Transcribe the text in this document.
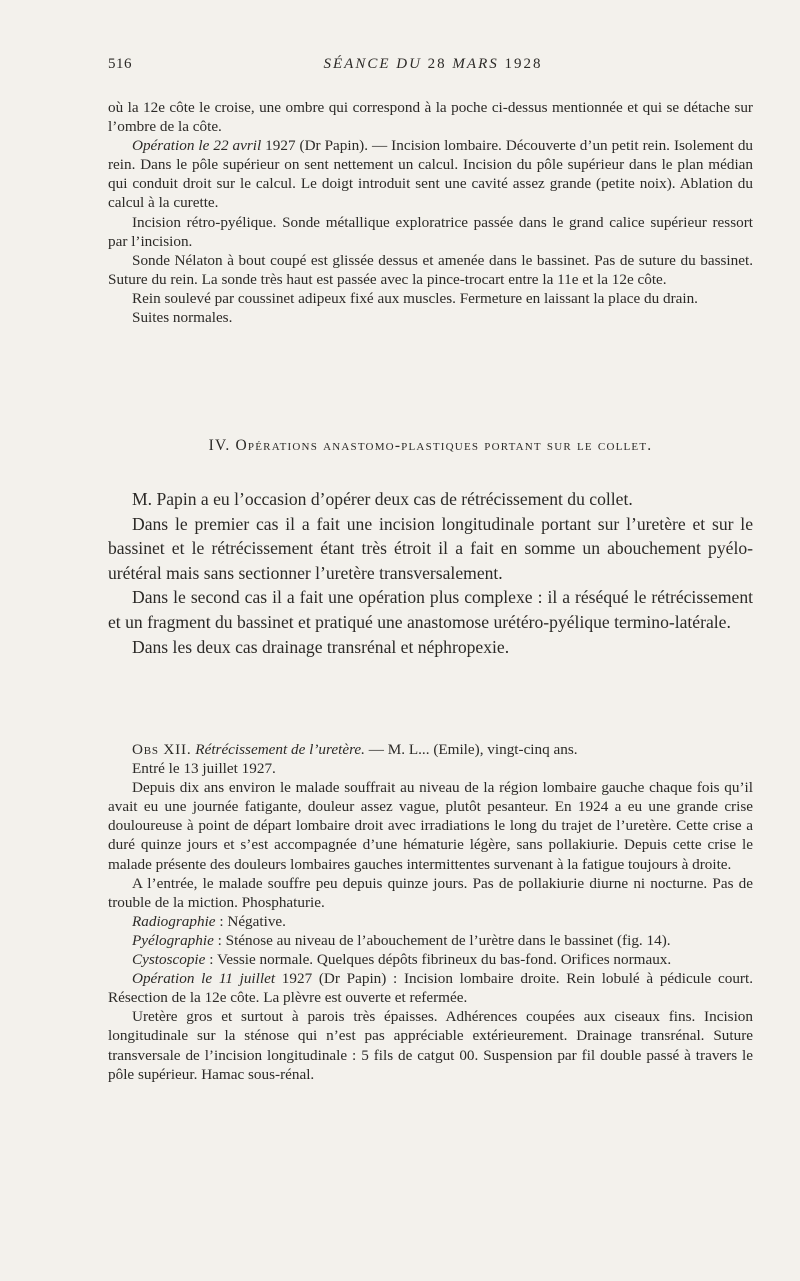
516	SÉANCE DU 28 MARS 1928

où la 12e côte le croise, une ombre qui correspond à la poche ci-dessus mentionnée et qui se détache sur l’ombre de la côte.

Opération le 22 avril 1927 (Dr Papin). — Incision lombaire. Découverte d’un petit rein. Isolement du rein. Dans le pôle supérieur on sent nettement un calcul. Incision du pôle supérieur dans le plan médian qui conduit droit sur le calcul. Le doigt introduit sent une cavité assez grande (petite noix). Ablation du calcul à la curette.

Incision rétro-pyélique. Sonde métallique exploratrice passée dans le grand calice supérieur ressort par l’incision.

Sonde Nélaton à bout coupé est glissée dessus et amenée dans le bassinet. Pas de suture du bassinet. Suture du rein. La sonde très haut est passée avec la pince-trocart entre la 11e et la 12e côte.

Rein soulevé par coussinet adipeux fixé aux muscles. Fermeture en laissant la place du drain.

Suites normales.

IV. Opérations anastomo-plastiques portant sur le collet.

M. Papin a eu l’occasion d’opérer deux cas de rétrécissement du collet.

Dans le premier cas il a fait une incision longitudinale portant sur l’uretère et sur le bassinet et le rétrécissement étant très étroit il a fait en somme un abouchement pyélo-urétéral mais sans sectionner l’uretère transversalement.

Dans le second cas il a fait une opération plus complexe : il a réséqué le rétrécissement et un fragment du bassinet et pratiqué une anastomose urétéro-pyélique termino-latérale.

Dans les deux cas drainage transrénal et néphropexie.

Obs XII. Rétrécissement de l’uretère. — M. L... (Emile), vingt-cinq ans.

Entré le 13 juillet 1927.

Depuis dix ans environ le malade souffrait au niveau de la région lombaire gauche chaque fois qu’il avait eu une journée fatigante, douleur assez vague, plutôt pesanteur. En 1924 a eu une grande crise douloureuse à point de départ lombaire droit avec irradiations le long du trajet de l’uretère. Cette crise a duré quinze jours et s’est accompagnée d’une hématurie légère, sans pollakiurie. Depuis cette crise le malade présente des douleurs lombaires gauches intermittentes survenant à la fatigue toujours à droite.

A l’entrée, le malade souffre peu depuis quinze jours. Pas de pollakiurie diurne ni nocturne. Pas de trouble de la miction. Phosphaturie.

Radiographie : Négative.

Pyélographie : Sténose au niveau de l’abouchement de l’urètre dans le bassinet (fig. 14).

Cystoscopie : Vessie normale. Quelques dépôts fibrineux du bas-fond. Orifices normaux.

Opération le 11 juillet 1927 (Dr Papin) : Incision lombaire droite. Rein lobulé à pédicule court. Résection de la 12e côte. La plèvre est ouverte et refermée.

Uretère gros et surtout à parois très épaisses. Adhérences coupées aux ciseaux fins. Incision longitudinale sur la sténose qui n’est pas appréciable extérieurement. Drainage transrénal. Suture transversale de l’incision longitudinale : 5 fils de catgut 00. Suspension par fil double passé à travers le pôle supérieur. Hamac sous-rénal.
